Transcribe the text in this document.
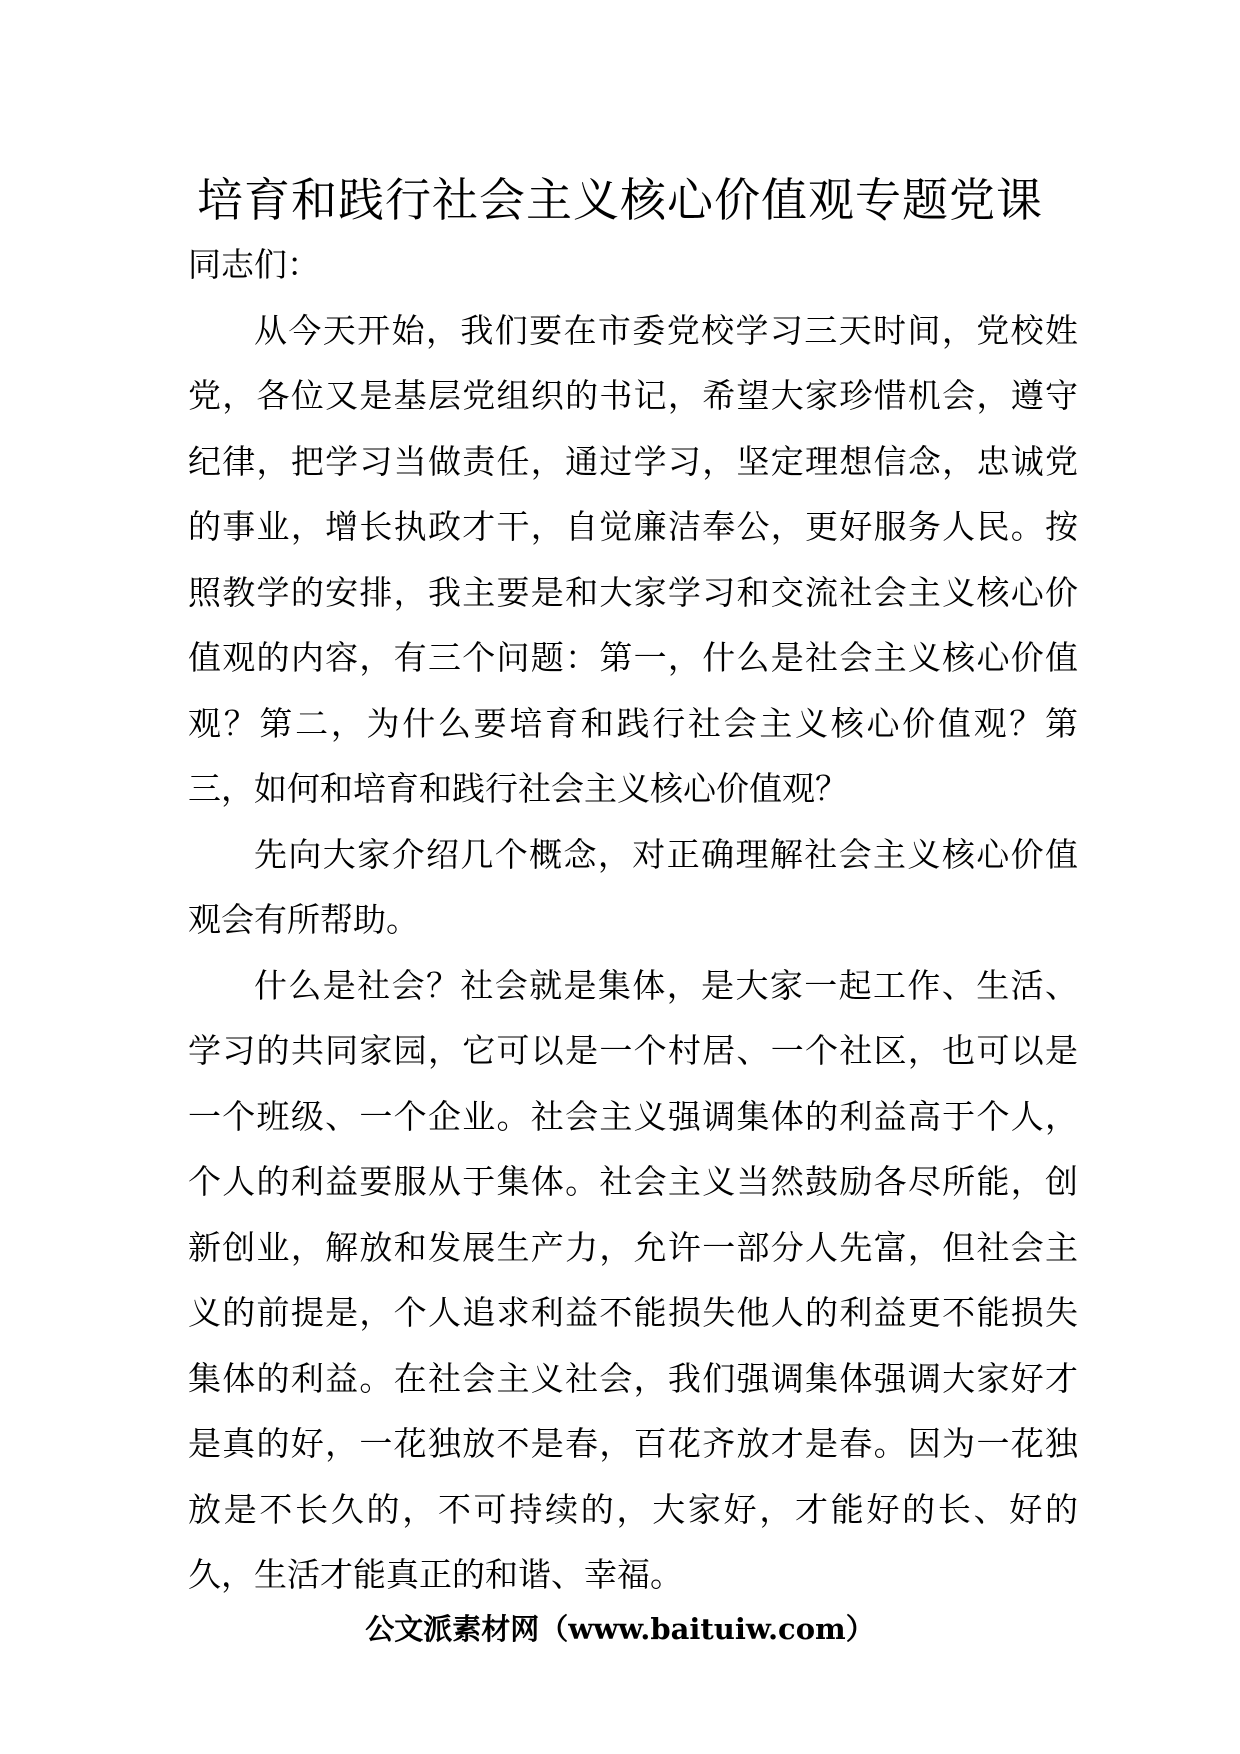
培育和践行社会主义核心价值观专题党课

同志们：

从今天开始，我们要在市委党校学习三天时间，党校姓党，各位又是基层党组织的书记，希望大家珍惜机会，遵守纪律，把学习当做责任，通过学习，坚定理想信念，忠诚党的事业，增长执政才干，自觉廉洁奉公，更好服务人民。按照教学的安排，我主要是和大家学习和交流社会主义核心价值观的内容，有三个问题：第一，什么是社会主义核心价值观？第二，为什么要培育和践行社会主义核心价值观？第三，如何和培育和践行社会主义核心价值观？

先向大家介绍几个概念，对正确理解社会主义核心价值观会有所帮助。

什么是社会？社会就是集体，是大家一起工作、生活、学习的共同家园，它可以是一个村居、一个社区，也可以是一个班级、一个企业。社会主义强调集体的利益高于个人，个人的利益要服从于集体。社会主义当然鼓励各尽所能，创新创业，解放和发展生产力，允许一部分人先富，但社会主义的前提是，个人追求利益不能损失他人的利益更不能损失集体的利益。在社会主义社会，我们强调集体强调大家好才是真的好，一花独放不是春，百花齐放才是春。因为一花独放是不长久的，不可持续的，大家好，才能好的长、好的久，生活才能真正的和谐、幸福。

公文派素材网（www.baituiw.com）
